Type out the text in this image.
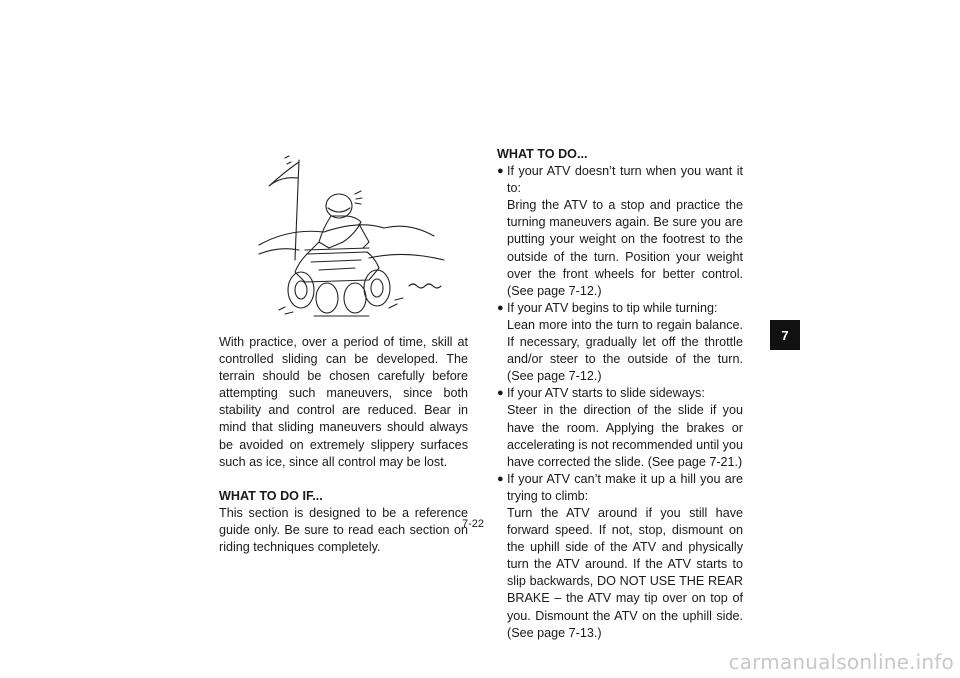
With practice, over a period of time, skill at controlled sliding can be developed. The terrain should be chosen carefully before attempting such maneuvers, since both stability and control are reduced. Bear in mind that sliding maneuvers should always be avoided on extremely slippery surfaces such as ice, since all control may be lost.

WHAT TO DO IF...

This section is designed to be a reference guide only. Be sure to read each section on riding techniques completely.

WHAT TO DO...

● If your ATV doesn’t turn when you want it to:
Bring the ATV to a stop and practice the turning maneuvers again. Be sure you are putting your weight on the footrest to the outside of the turn. Position your weight over the front wheels for better control. (See page 7-12.)
● If your ATV begins to tip while turning:
Lean more into the turn to regain balance. If necessary, gradually let off the throttle and/or steer to the outside of the turn. (See page 7-12.)
● If your ATV starts to slide sideways:
Steer in the direction of the slide if you have the room. Applying the brakes or accelerating is not recommended until you have corrected the slide. (See page 7-21.)
● If your ATV can’t make it up a hill you are trying to climb:
Turn the ATV around if you still have forward speed. If not, stop, dismount on the uphill side of the ATV and physically turn the ATV around. If the ATV starts to slip backwards, DO NOT USE THE REAR BRAKE – the ATV may tip over on top of you. Dismount the ATV on the uphill side. (See page 7-13.)
7
7-22
carmanualsonline.info
